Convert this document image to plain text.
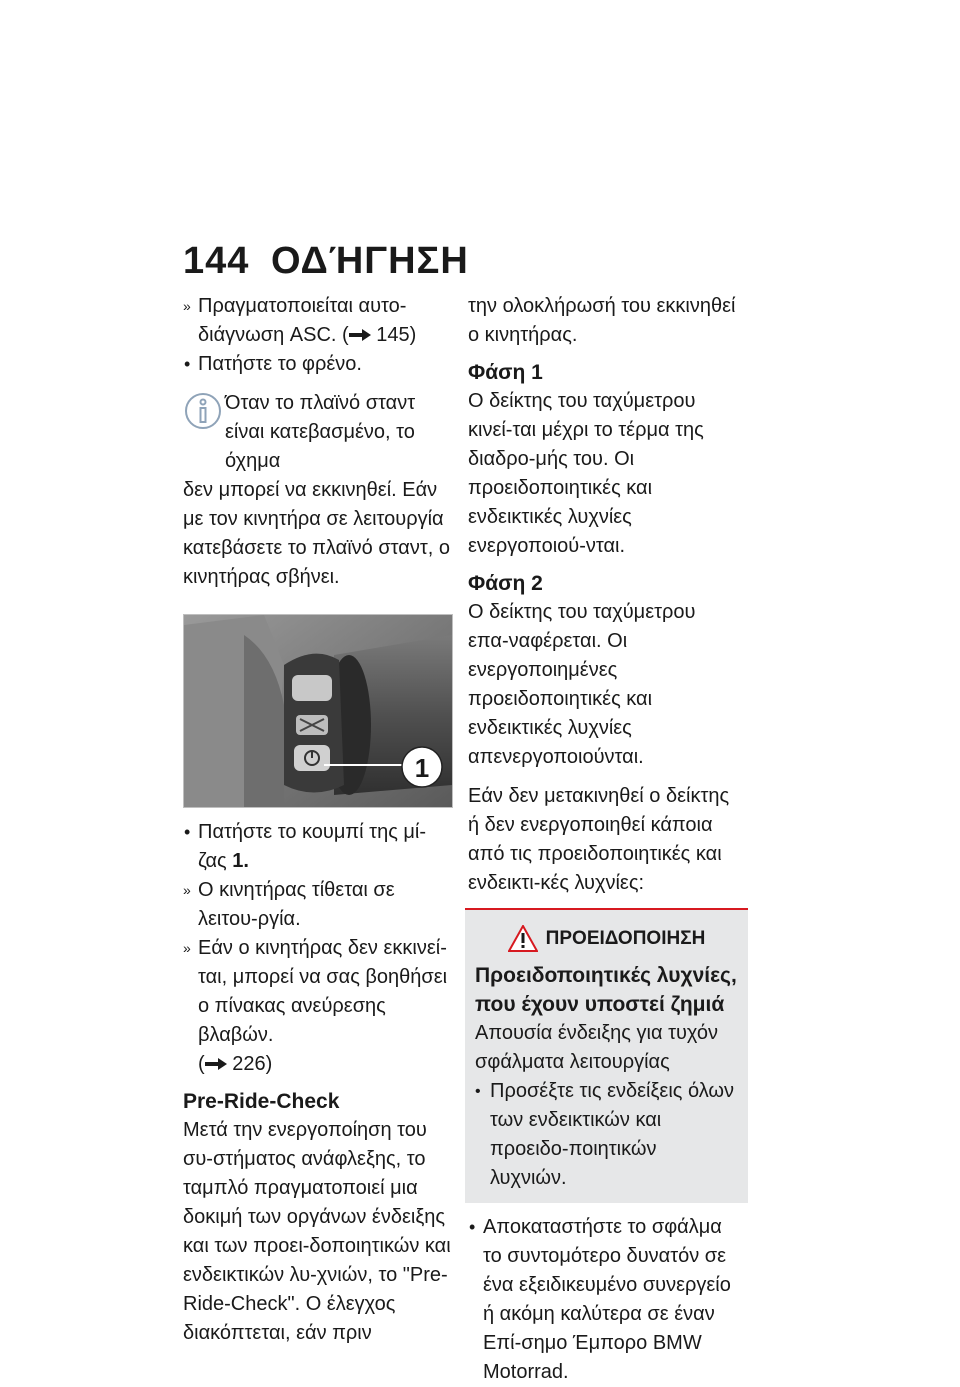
144 ΟΔΉΓΗΣΗ
» Πραγματοποιείται αυτο-διάγνωση ASC. ( 145)
• Πατήστε το φρένο.

Όταν το πλαϊνό σταντ είναι κατεβασμένο, το όχημα

δεν μπορεί να εκκινηθεί. Εάν με τον κινητήρα σε λειτουργία κατεβάσετε το πλαϊνό σταντ, ο κινητήρας σβήνει.

1
• Πατήστε το κουμπί της μί-ζας 1.
» Ο κινητήρας τίθεται σε λειτου-ργία.
» Εάν ο κινητήρας δεν εκκινεί-ται, μπορεί να σας βοηθήσει ο πίνακας ανεύρεσης βλαβών.
( 226)

Pre-Ride-Check

Μετά την ενεργοποίηση του συ-στήματος ανάφλεξης, το ταμπλό πραγματοποιεί μια δοκιμή των οργάνων ένδειξης και των προει-δοποιητικών και ενδεικτικών λυ-χνιών, το "Pre-Ride-Check". Ο έλεγχος διακόπτεται, εάν πριν

την ολοκλήρωσή του εκκινηθεί ο κινητήρας.

Φάση 1

Ο δείκτης του ταχύμετρου κινεί-ται μέχρι το τέρμα της διαδρο-μής του. Οι προειδοποιητικές και ενδεικτικές λυχνίες ενεργοποιού-νται.

Φάση 2

Ο δείκτης του ταχύμετρου επα-ναφέρεται. Οι ενεργοποιημένες προειδοποιητικές και ενδεικτικές λυχνίες απενεργοποιούνται.

Εάν δεν μετακινηθεί ο δείκτης ή δεν ενεργοποιηθεί κάποια από τις προειδοποιητικές και ενδεικτι-κές λυχνίες:

ΠΡΟΕΙΔΟΠΟΙΗΣΗ

Προειδοποιητικές λυχνίες, που έχουν υποστεί ζημιά

Απουσία ένδειξης για τυχόν σφάλματα λειτουργίας

• Προσέξτε τις ενδείξεις όλων των ενδεικτικών και προειδο-ποιητικών λυχνιών.
• Αποκαταστήστε το σφάλμα το συντομότερο δυνατόν σε ένα εξειδικευμένο συνεργείο ή ακόμη καλύτερα σε έναν Επί-σημο Έμπορο BMW Motorrad.
